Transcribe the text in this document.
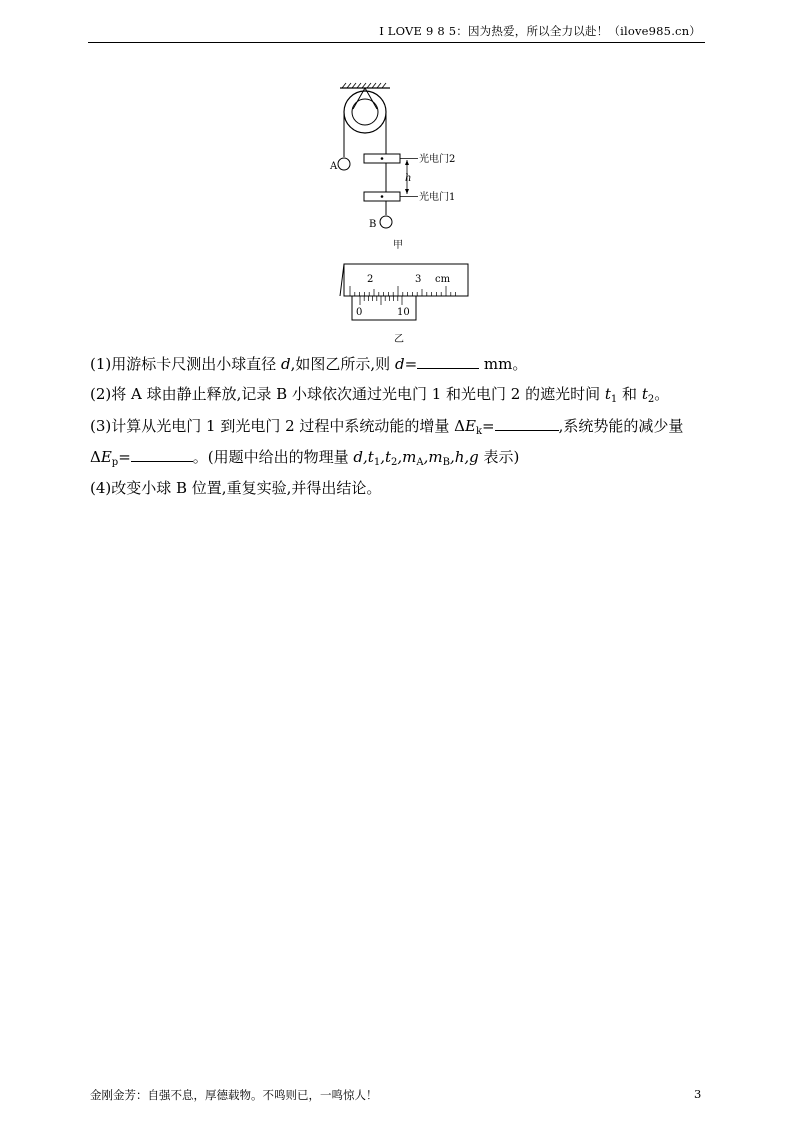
I LOVE 9 8 5：因为热爱，所以全力以赴！（ilove985.cn）
A
光电门2
h
光电门1
B
甲
2	3 cm
0	10
乙
(1)用游标卡尺测出小球直径 d,如图乙所示,则 d=	mm。
(2)将 A 球由静止释放,记录 B 小球依次通过光电门 1 和光电门 2 的遮光时间 $t_1$ 和 $t_2$。
(3)计算从光电门 1 到光电门 2 过程中系统动能的增量 $\Delta E_k=$	,系统势能的减少量
$\Delta E_p=$	。(用题中给出的物理量 $d,t_1,t_2,m_A,m_B,h,g$ 表示)
(4)改变小球 B 位置,重复实验,并得出结论。
金刚金芳：自强不息，厚德载物。不鸣则已，一鸣惊人！	3
